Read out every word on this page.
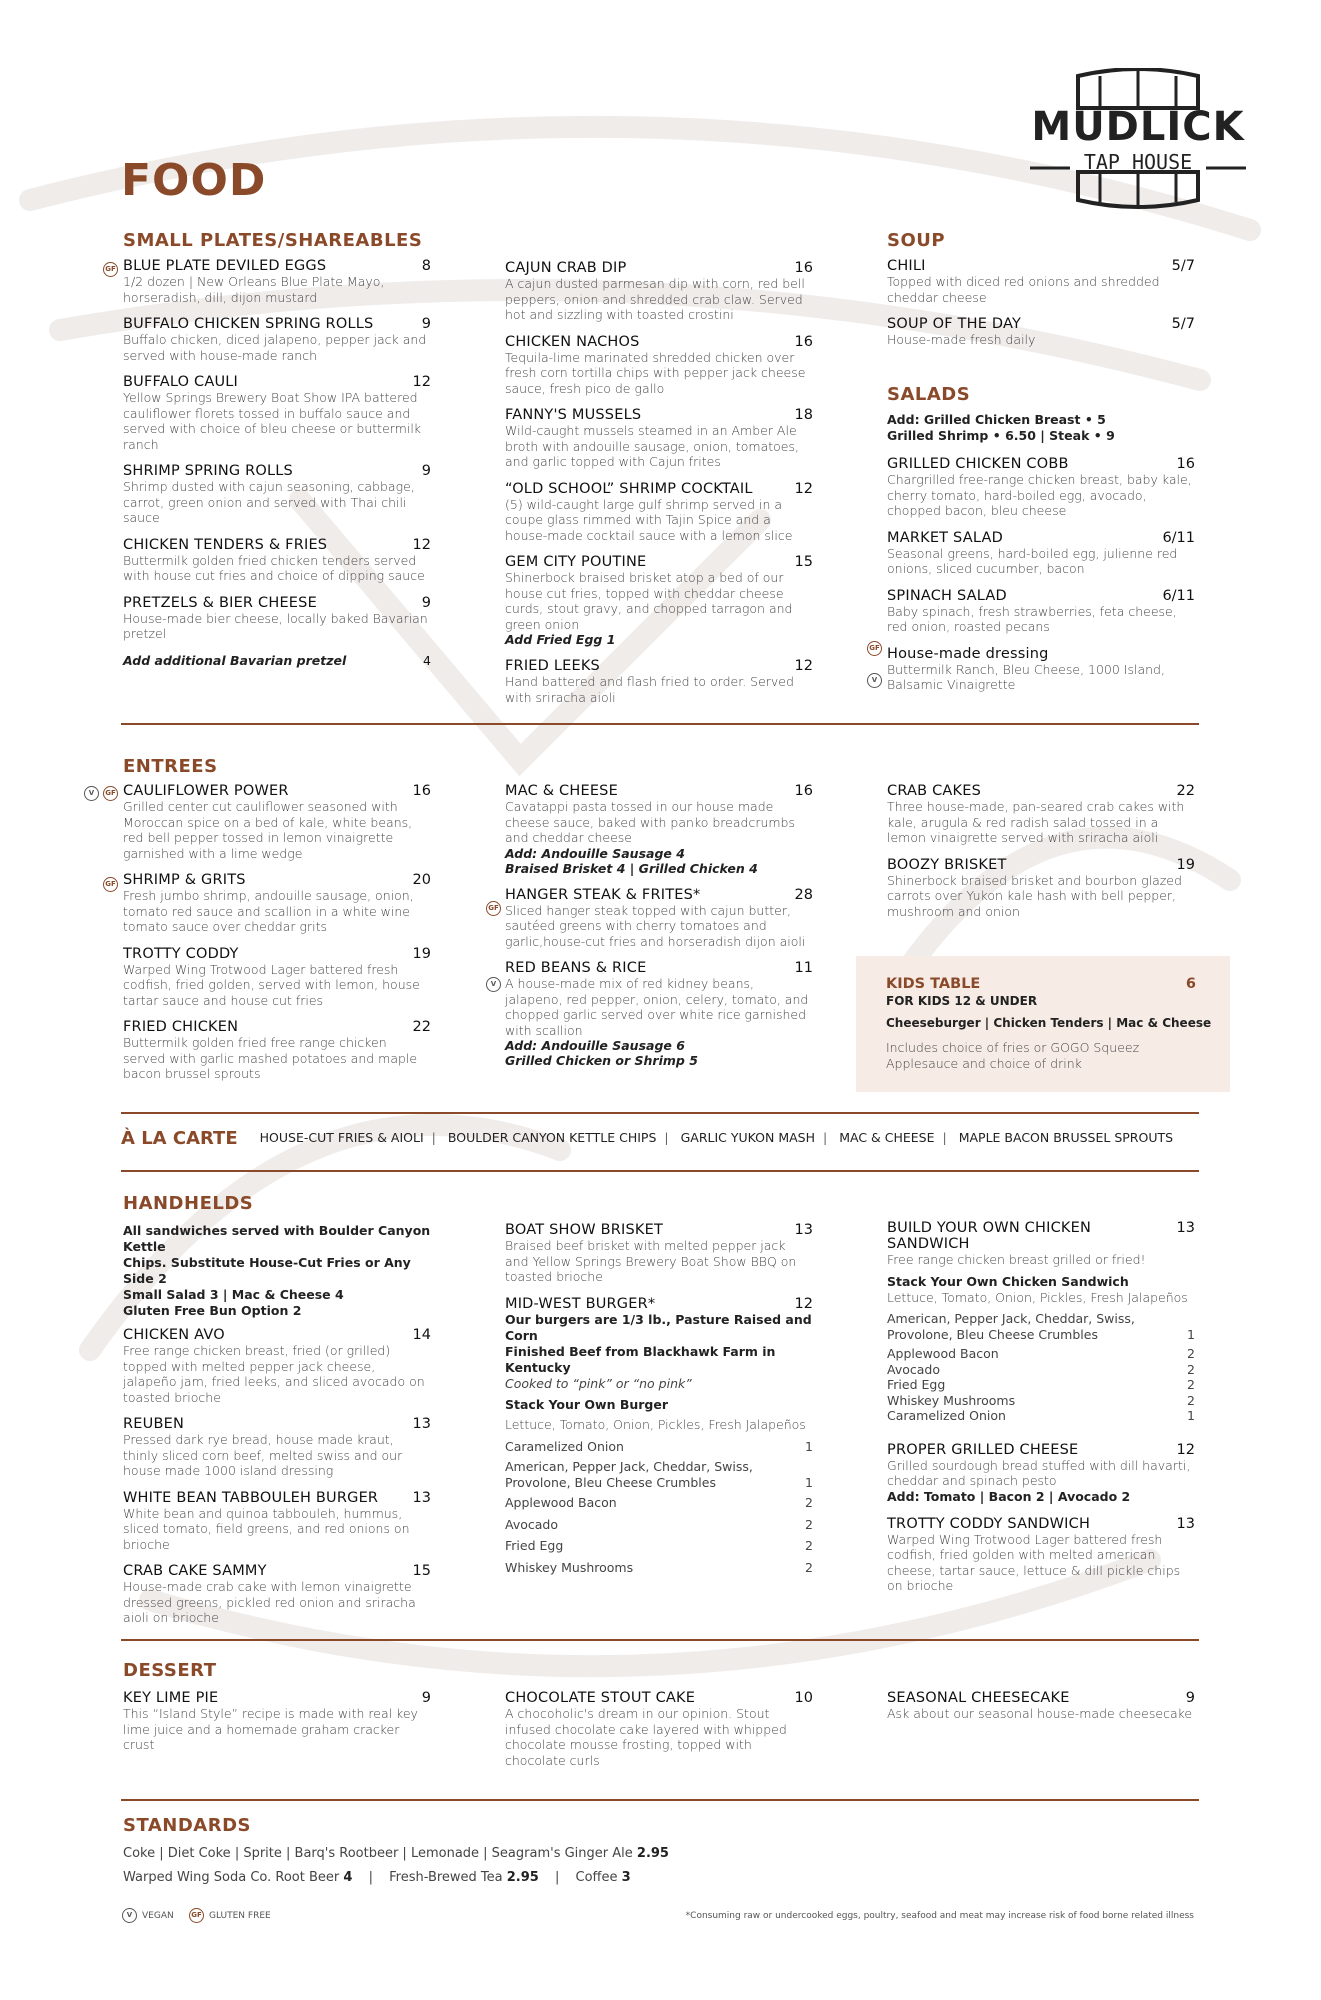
MUDLICK
TAP HOUSE
FOOD
SMALL PLATES/SHAREABLES
BLUE PLATE DEVILED EGGS	8
1/2 dozen | New Orleans Blue Plate Mayo, horseradish, dill, dijon mustard
BUFFALO CHICKEN SPRING ROLLS	9
Buffalo chicken, diced jalapeno, pepper jack and served with house-made ranch
BUFFALO CAULI	12
Yellow Springs Brewery Boat Show IPA battered cauliflower florets tossed in buffalo sauce and served with choice of bleu cheese or buttermilk ranch
SHRIMP SPRING ROLLS	9
Shrimp dusted with cajun seasoning, cabbage, carrot, green onion and served with Thai chili sauce
CHICKEN TENDERS & FRIES	12
Buttermilk golden fried chicken tenders served with house cut fries and choice of dipping sauce
PRETZELS & BIER CHEESE	9
House-made bier cheese, locally baked Bavarian pretzel
Add additional Bavarian pretzel	4
GF	CAJUN CRAB DIP	16
A cajun dusted parmesan dip with corn, red bell peppers, onion and shredded crab claw. Served hot and sizzling with toasted crostini
CHICKEN NACHOS	16
Tequila-lime marinated shredded chicken over fresh corn tortilla chips with pepper jack cheese sauce, fresh pico de gallo
FANNY'S MUSSELS	18
Wild-caught mussels steamed in an Amber Ale broth with andouille sausage, onion, tomatoes, and garlic topped with Cajun frites
“OLD SCHOOL” SHRIMP COCKTAIL	12
(5) wild-caught large gulf shrimp served in a coupe glass rimmed with Tajin Spice and a house-made cocktail sauce with a lemon slice
GEM CITY POUTINE	15
Shinerbock braised brisket atop a bed of our house cut fries, topped with cheddar cheese curds, stout gravy, and chopped tarragon and green onion
Add Fried Egg 1
FRIED LEEKS	12
Hand battered and flash fried to order. Served with sriracha aioli
SOUP
CHILI	5/7
Topped with diced red onions and shredded cheddar cheese
SOUP OF THE DAY	5/7
House-made fresh daily
SALADS
Add: Grilled Chicken Breast • 5
Grilled Shrimp • 6.50 | Steak • 9
GRILLED CHICKEN COBB	16
Chargrilled free-range chicken breast, baby kale, cherry tomato, hard-boiled egg, avocado, chopped bacon, bleu cheese
MARKET SALAD	6/11
Seasonal greens, hard-boiled egg, julienne red onions, sliced cucumber, bacon
SPINACH SALAD	6/11
Baby spinach, fresh strawberries, feta cheese, red onion, roasted pecans
House-made dressing
Buttermilk Ranch, Bleu Cheese, 1000 Island, Balsamic Vinaigrette
GF
V
ENTREES
CAULIFLOWER POWER	16
Grilled center cut cauliflower seasoned with Moroccan spice on a bed of kale, white beans, red bell pepper tossed in lemon vinaigrette garnished with a lime wedge
SHRIMP & GRITS	20
Fresh jumbo shrimp, andouille sausage, onion, tomato red sauce and scallion in a white wine tomato sauce over cheddar grits
TROTTY CODDY	19
Warped Wing Trotwood Lager battered fresh codfish, fried golden, served with lemon, house tartar sauce and house cut fries
FRIED CHICKEN	22
Buttermilk golden fried free range chicken served with garlic mashed potatoes and maple bacon brussel sprouts
V	GF
GF
MAC & CHEESE	16
Cavatappi pasta tossed in our house made cheese sauce, baked with panko breadcrumbs and cheddar cheese
Add: Andouille Sausage 4
Braised Brisket 4 | Grilled Chicken 4
HANGER STEAK & FRITES*	28
Sliced hanger steak topped with cajun butter, sautéed greens with cherry tomatoes and garlic,house-cut fries and horseradish dijon aioli
RED BEANS & RICE	11
A house-made mix of red kidney beans, jalapeno, red pepper, onion, celery, tomato, and chopped garlic served over white rice garnished with scallion
Add: Andouille Sausage 6
Grilled Chicken or Shrimp 5
GF
V
CRAB CAKES	22
Three house-made, pan-seared crab cakes with kale, arugula & red radish salad tossed in a lemon vinaigrette served with sriracha aioli
BOOZY BRISKET	19
Shinerbock braised brisket and bourbon glazed carrots over Yukon kale hash with bell pepper, mushroom and onion
KIDS TABLE	6
FOR KIDS 12 & UNDER
Cheeseburger | Chicken Tenders | Mac & Cheese
Includes choice of fries or GOGO Squeez Applesauce and choice of drink
À LA CARTE HOUSE-CUT FRIES & AIOLI | BOULDER CANYON KETTLE CHIPS | GARLIC YUKON MASH | MAC & CHEESE | MAPLE BACON BRUSSEL SPROUTS
HANDHELDS
All sandwiches served with Boulder Canyon Kettle
Chips. Substitute House-Cut Fries or Any Side 2
Small Salad 3 | Mac & Cheese 4
Gluten Free Bun Option 2
CHICKEN AVO	14
Free range chicken breast, fried (or grilled) topped with melted pepper jack cheese, jalapeño jam, fried leeks, and sliced avocado on toasted brioche
REUBEN	13
Pressed dark rye bread, house made kraut, thinly sliced corn beef, melted swiss and our house made 1000 island dressing
WHITE BEAN TABBOULEH BURGER	13
White bean and quinoa tabbouleh, hummus, sliced tomato, field greens, and red onions on brioche
CRAB CAKE SAMMY	15
House-made crab cake with lemon vinaigrette dressed greens, pickled red onion and sriracha aioli on brioche
BOAT SHOW BRISKET	13
Braised beef brisket with melted pepper jack and Yellow Springs Brewery Boat Show BBQ on toasted brioche
MID-WEST BURGER*	12
Our burgers are 1/3 lb., Pasture Raised and Corn
Finished Beef from Blackhawk Farm in Kentucky
Cooked to “pink” or “no pink”
Stack Your Own Burger
Lettuce, Tomato, Onion, Pickles, Fresh Jalapeños
Caramelized Onion	1
American, Pepper Jack, Cheddar, Swiss, Provolone, Bleu Cheese Crumbles	1
Applewood Bacon	2
Avocado	2
Fried Egg	2
Whiskey Mushrooms	2
BUILD YOUR OWN CHICKEN SANDWICH
13
Free range chicken breast grilled or fried!
Stack Your Own Chicken Sandwich
Lettuce, Tomato, Onion, Pickles, Fresh Jalapeños
American, Pepper Jack, Cheddar, Swiss, Provolone, Bleu Cheese Crumbles	1
Applewood Bacon	2
Avocado	2
Fried Egg	2
Whiskey Mushrooms	2
Caramelized Onion	1
PROPER GRILLED CHEESE	12
Grilled sourdough bread stuffed with dill havarti, cheddar and spinach pesto
Add: Tomato | Bacon 2 | Avocado 2
TROTTY CODDY SANDWICH	13
Warped Wing Trotwood Lager battered fresh codfish, fried golden with melted american cheese, tartar sauce, lettuce & dill pickle chips on brioche
DESSERT
KEY LIME PIE	9
This “Island Style” recipe is made with real key lime juice and a homemade graham cracker crust
CHOCOLATE STOUT CAKE	10
A chocoholic's dream in our opinion. Stout infused chocolate cake layered with whipped chocolate mousse frosting, topped with chocolate curls
SEASONAL CHEESECAKE	9
Ask about our seasonal house-made cheesecake
STANDARDS
Coke | Diet Coke | Sprite | Barq's Rootbeer | Lemonade | Seagram's Ginger Ale 2.95
Warped Wing Soda Co. Root Beer 4 | Fresh-Brewed Tea 2.95 | Coffee 3
V	VEGAN	GF GLUTEN FREE	*Consuming raw or undercooked eggs, poultry, seafood and meat may increase risk of food borne related illness
